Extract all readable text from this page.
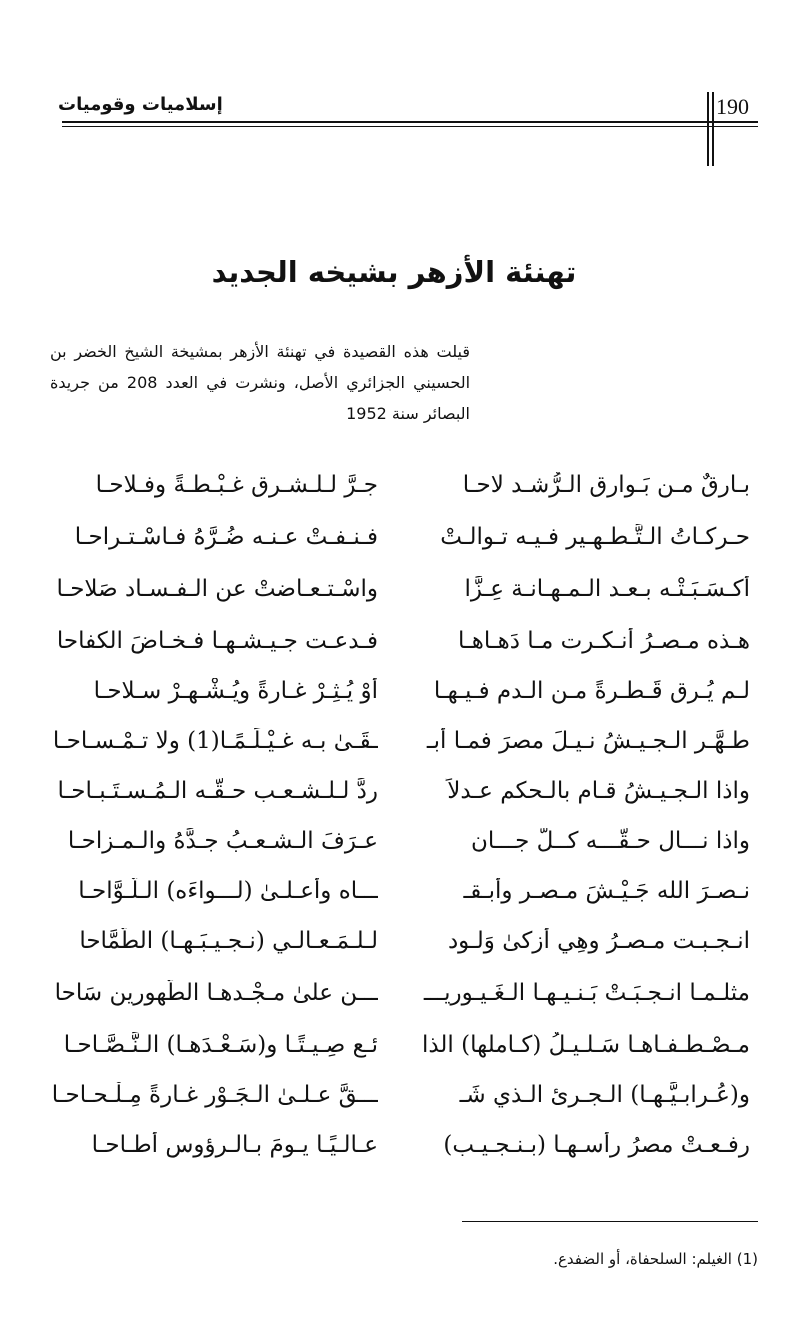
190
إسلاميات وقوميات
تهنئة الأزهر بشيخه الجديد

قيلت هذه القصيدة في تهنئة الأزهر بمشيخة الشيخ الخضر بن الحسيني الجزائري الأصل، ونشرت في العدد 208 من جريدة البصائر سنة 1952

بـارقٌ مـن بَـوارق الـرُّشـد لاحـا
جـرَّ لـلـشـرق غـبْـطـةً وفـلاحـا
حـركـاتُ الـتَّـطـهـير فـيـه تـوالـتْ
فـنـفـتْ عـنـه ضُـرَّهُ فـاسْـتـراحـا
أكـسَـبَـتْـه بـعـد الـمـهـانـة عِـزًّا
واسْـتـعـاضتْ عن الـفـسـاد صَلاحـا
هـذه مـصـرُ أنـكـرت مـا دَهـاهـا
فـدعـت جـيـشـهـا فـخـاضَ الكفاحا
لـم يُـرق قَـطـرةً مـن الـدم فـيـهـا
أوْ يُـثِـرْ غـارةً ويُـشْـهـرْ سـلاحـا
طـهَّـر الـجـيـشُ نـيـلَ مصرَ فمـا أبـ
ـقَـىٰ بـه غـيْـلَـمًـا(1) ولا تـمْـسـاحـا
واذا الـجـيـشُ قـام بالـحكم عـدلاً
ردَّ لـلـشـعـب حـقَّـه الـمُـسـتَـبـاحـا
واذا نـــال حـقَّـــه كــلُّ جـــان
عـرَفَ الـشـعـبُ جـدَّهُ والـمـزاحـا
نـصـرَ الله جَـيْـشَ مـصـر وأبـقـ
ـــاه وأعـلـىٰ (لـــواءَه) الـلَّـوَّاحـا
انـجـبـت مـصـرُ وهِي أزكىٰ وَلـود
لـلـمَـعـالـي (نـجـيـبَـهـا) الطَّمَّاحا
مثلـمـا انـجـبَـتْ بَـنـيـهـا الـغَـيـوريـــ
ـــن علىٰ مـجْـدهـا الطَّهورين سَاحا
مـصْـطـفـاهـا سَـلـيـلُ (كـاملها) الذا
ئـع صِـيـتًـا و(سَـعْـدَهـا) الـنَّـصَّـاحـا
و(عُـرابـيَّـهـا) الـجـرئ الـذي شَـ
ـــقَّ عـلـىٰ الـجَـوْر غـارةً مِـلْـحـاحـا
رفـعـتْ مصرُ رأسـهـا (بـنـجـيـب)
عـالـيًـا يـومَ بـالـرؤوس أطـاحـا

(1) الغيلم: السلحفاة، أو الضفدع.
